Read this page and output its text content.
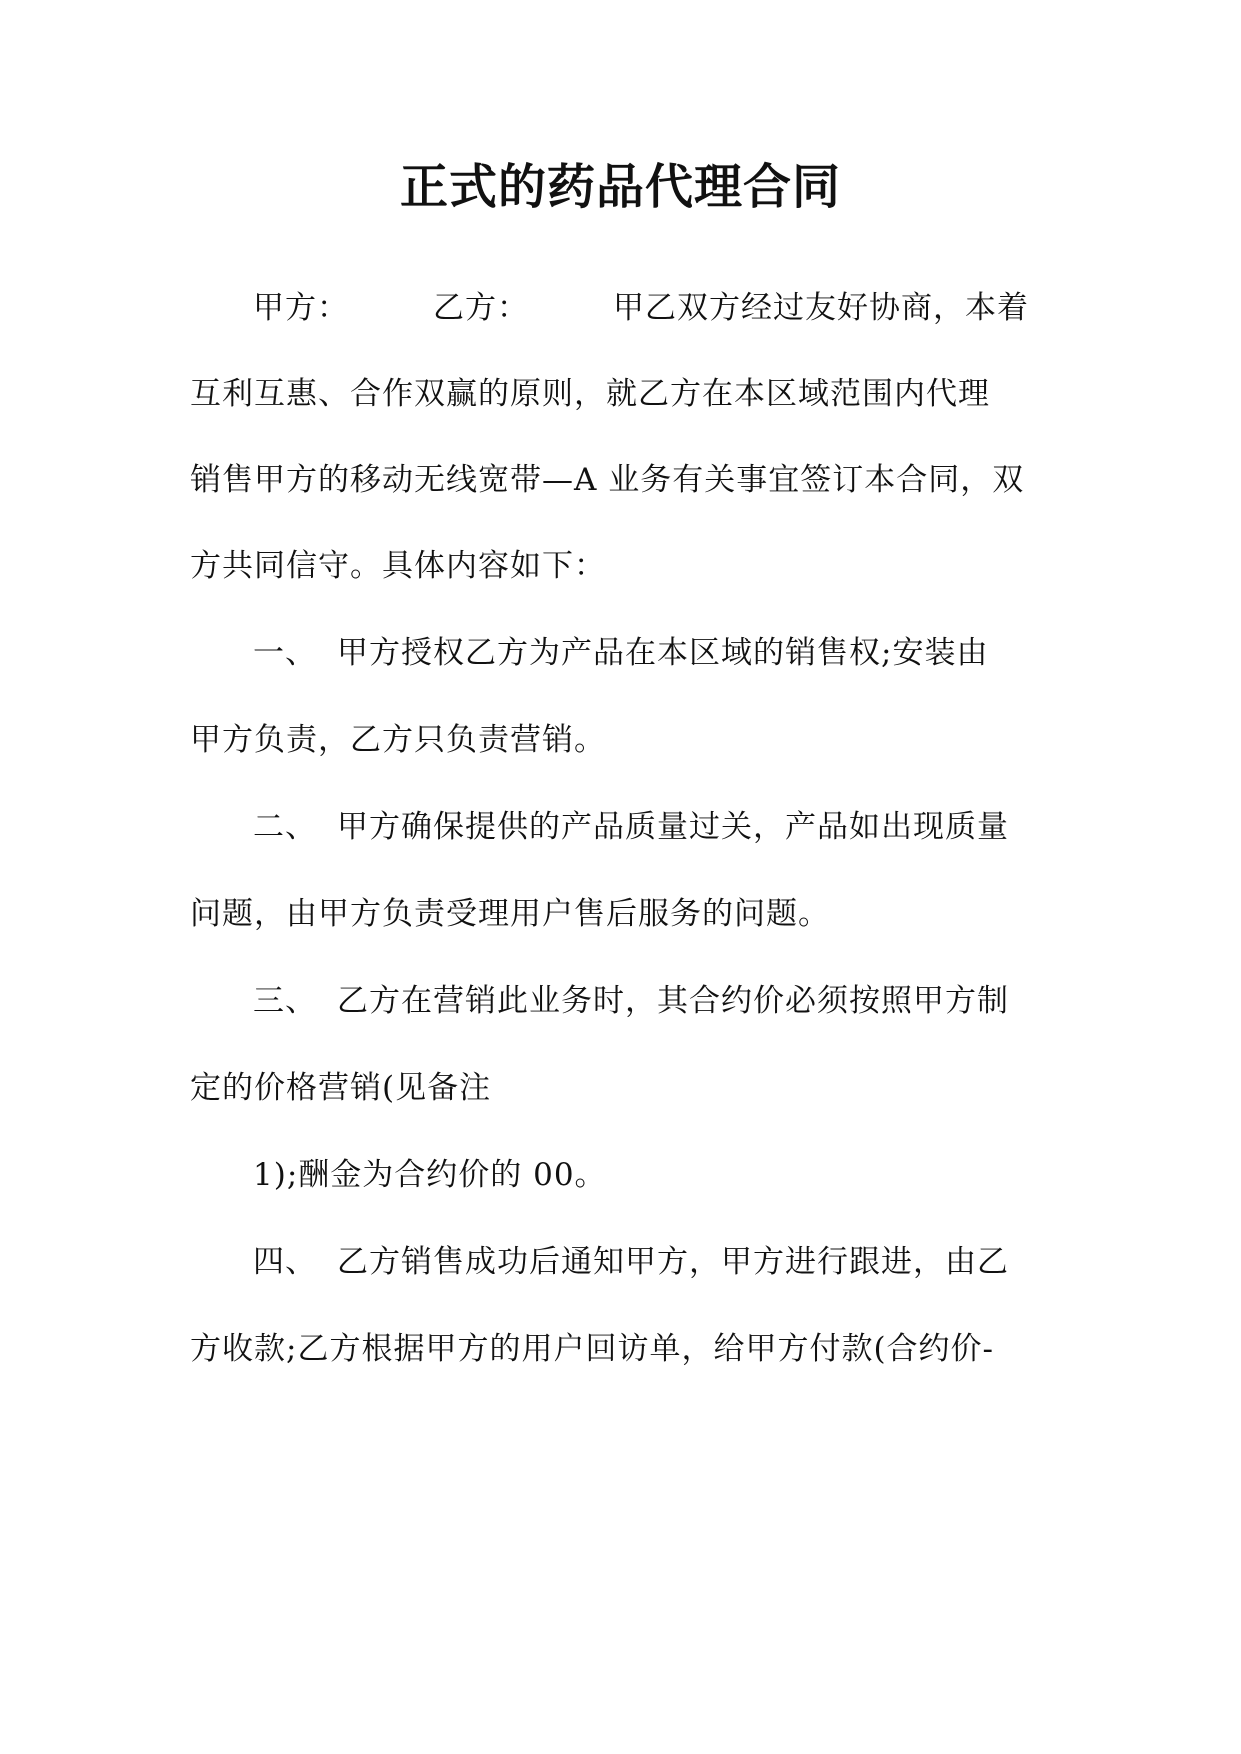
正式的药品代理合同
甲方：	乙方：	甲乙双方经过友好协商，本着
互利互惠、合作双赢的原则，就乙方在本区域范围内代理
销售甲方的移动无线宽带—A 业务有关事宜签订本合同，双
方共同信守。具体内容如下：
一、 甲方授权乙方为产品在本区域的销售权;安装由
甲方负责，乙方只负责营销。
二、 甲方确保提供的产品质量过关，产品如出现质量
问题，由甲方负责受理用户售后服务的问题。
三、 乙方在营销此业务时，其合约价必须按照甲方制
定的价格营销(见备注
1);酬金为合约价的 00。
四、 乙方销售成功后通知甲方，甲方进行跟进，由乙
方收款;乙方根据甲方的用户回访单，给甲方付款(合约价-
